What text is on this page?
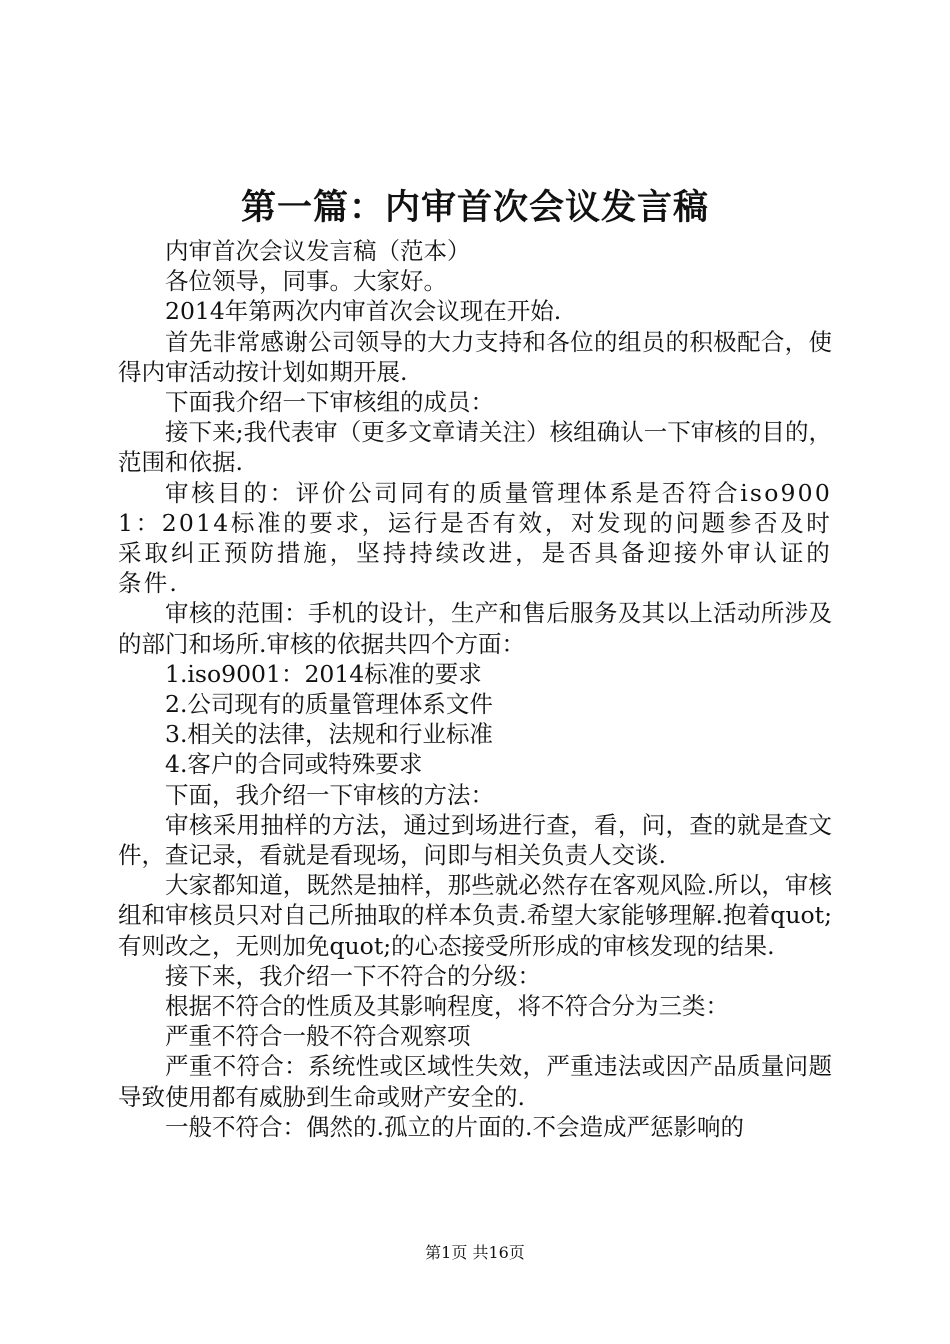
第一篇：内审首次会议发言稿

内审首次会议发言稿（范本）

各位领导，同事。大家好。

2014年第两次内审首次会议现在开始.

首先非常感谢公司领导的大力支持和各位的组员的积极配合，使得内审活动按计划如期开展.

下面我介绍一下审核组的成员：

接下来;我代表审（更多文章请关注）核组确认一下审核的目的，范围和依据.

审核目的：评价公司同有的质量管理体系是否符合iso9001：2014标准的要求，运行是否有效，对发现的问题参否及时采取纠正预防措施，坚持持续改进，是否具备迎接外审认证的条件.

审核的范围：手机的设计，生产和售后服务及其以上活动所涉及的部门和场所.审核的依据共四个方面：

1.iso9001：2014标准的要求

2.公司现有的质量管理体系文件

3.相关的法律，法规和行业标准

4.客户的合同或特殊要求

下面，我介绍一下审核的方法：

审核采用抽样的方法，通过到场进行查，看，问，查的就是查文件，查记录，看就是看现场，问即与相关负责人交谈.

大家都知道，既然是抽样，那些就必然存在客观风险.所以，审核组和审核员只对自己所抽取的样本负责.希望大家能够理解.抱着quot;有则改之，无则加免quot;的心态接受所形成的审核发现的结果.

接下来，我介绍一下不符合的分级：

根据不符合的性质及其影响程度，将不符合分为三类：

严重不符合一般不符合观察项

严重不符合：系统性或区域性失效，严重违法或因产品质量问题导致使用都有威胁到生命或财产安全的.

一般不符合：偶然的.孤立的片面的.不会造成严惩影响的

第1页 共16页
